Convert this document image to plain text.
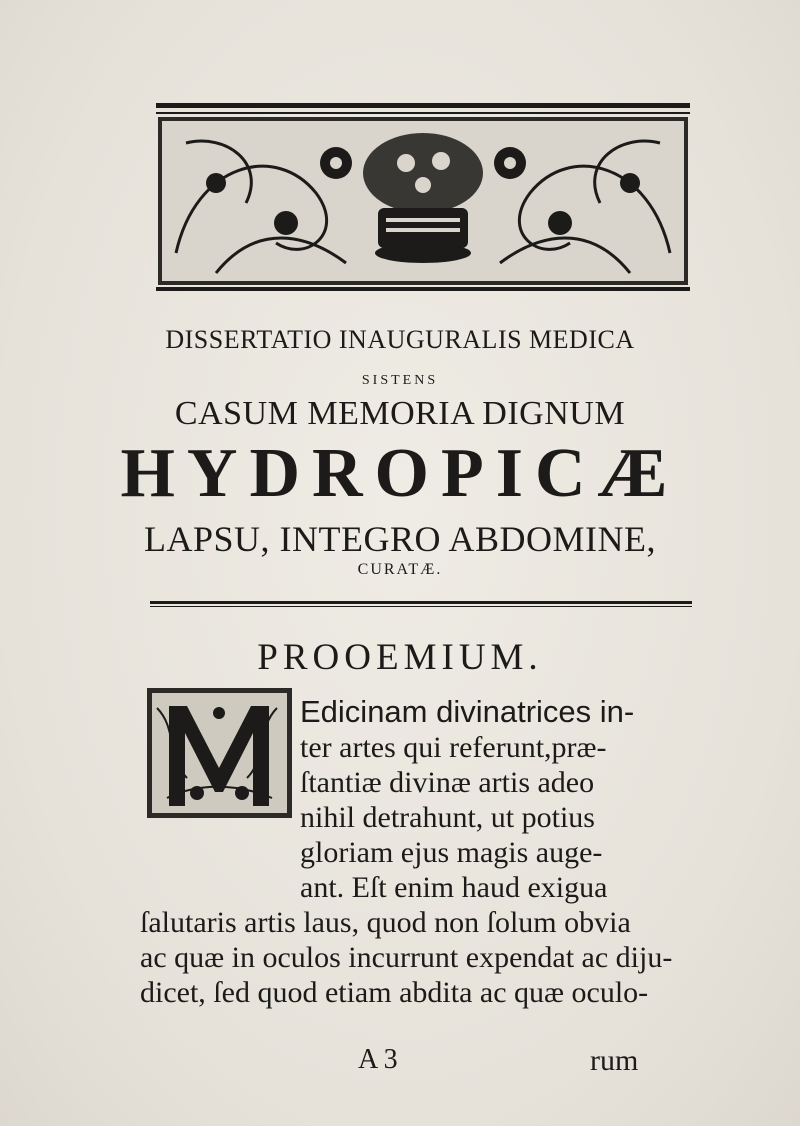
DISSERTATIO INAUGURALIS MEDICA
SISTENS
CASUM MEMORIA DIGNUM
HYDROPICÆ
LAPSU, INTEGRO ABDOMINE,
CURATÆ.
PROOEMIUM.
Edicinam divinatrices in-
ter artes qui referunt,præ-
ſtantiæ divinæ artis adeo
nihil detrahunt, ut potius
gloriam ejus magis auge-
ant. Eſt enim haud exigua
ſalutaris artis laus, quod non ſolum obvia
ac quæ in oculos incurrunt expendat ac diju-
dicet, ſed quod etiam abdita ac quæ oculo-
A 3	rum
